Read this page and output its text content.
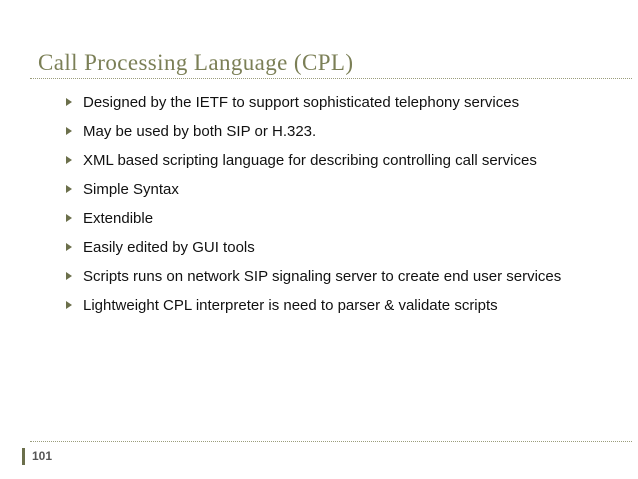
Call Processing Language (CPL)
Designed by the IETF to support sophisticated telephony services
May be used by both SIP or H.323.
XML based scripting language for describing controlling call services
Simple Syntax
Extendible
Easily edited by GUI tools
Scripts runs on network SIP signaling server to create end user services
Lightweight CPL interpreter is need to parser & validate scripts
101
